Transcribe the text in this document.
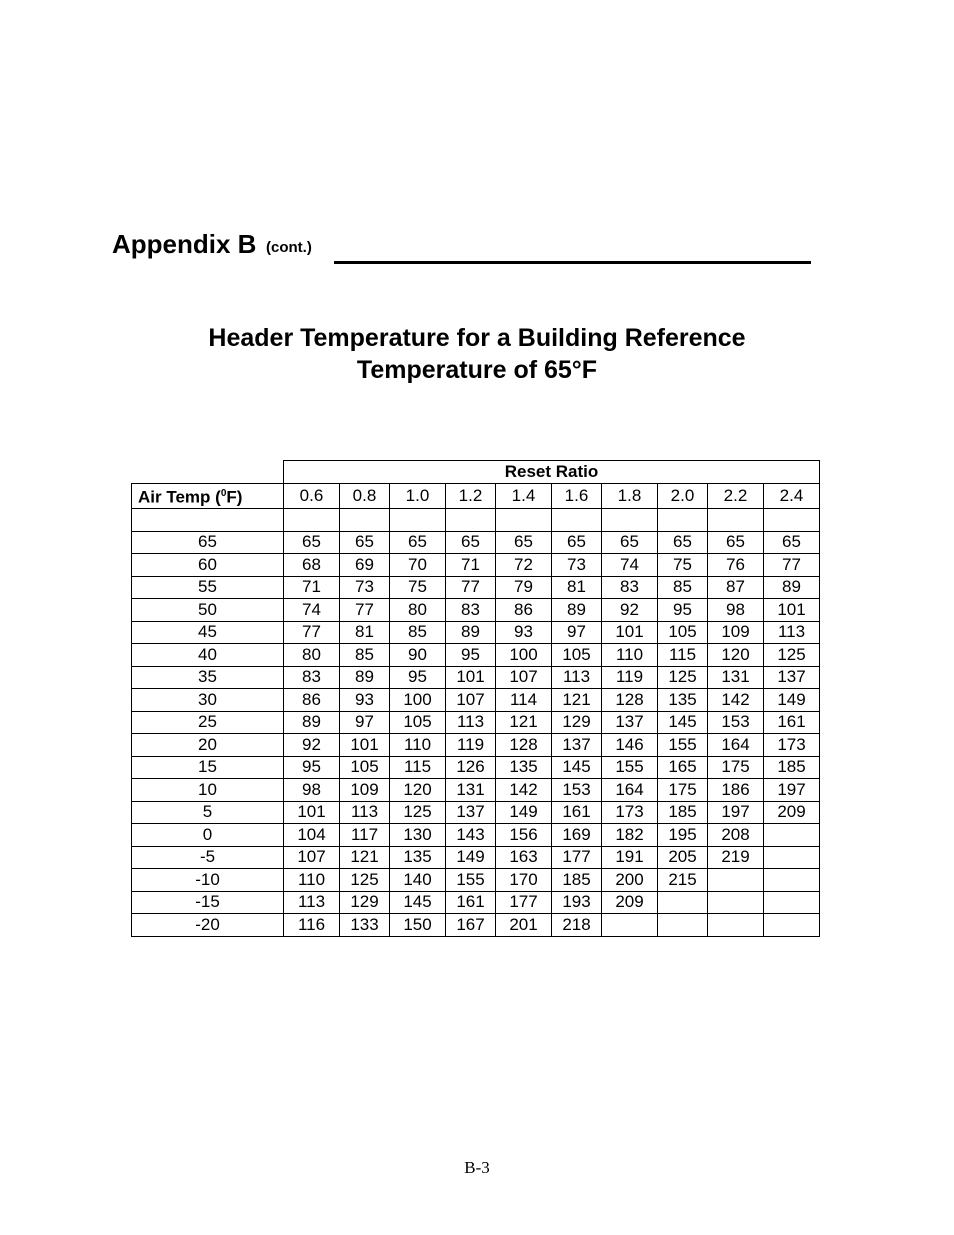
Appendix B (cont.)
Header Temperature for a Building Reference
Temperature of 65°F
	Reset Ratio									
Air Temp ($^0$F)	0.6	0.8	1.0	1.2	1.4	1.6	1.8	2.0	2.2	2.4

65	65	65	65	65	65	65	65	65	65	65
60	68	69	70	71	72	73	74	75	76	77
55	71	73	75	77	79	81	83	85	87	89
50	74	77	80	83	86	89	92	95	98	101
45	77	81	85	89	93	97	101	105	109	113
40	80	85	90	95	100	105	110	115	120	125
35	83	89	95	101	107	113	119	125	131	137
30	86	93	100	107	114	121	128	135	142	149
25	89	97	105	113	121	129	137	145	153	161
20	92	101	110	119	128	137	146	155	164	173
15	95	105	115	126	135	145	155	165	175	185
10	98	109	120	131	142	153	164	175	186	197
5	101	113	125	137	149	161	173	185	197	209
0	104	117	130	143	156	169	182	195	208	
-5	107	121	135	149	163	177	191	205	219	
-10	110	125	140	155	170	185	200	215		
-15	113	129	145	161	177	193	209			
-20	116	133	150	167	201	218				
B-3
